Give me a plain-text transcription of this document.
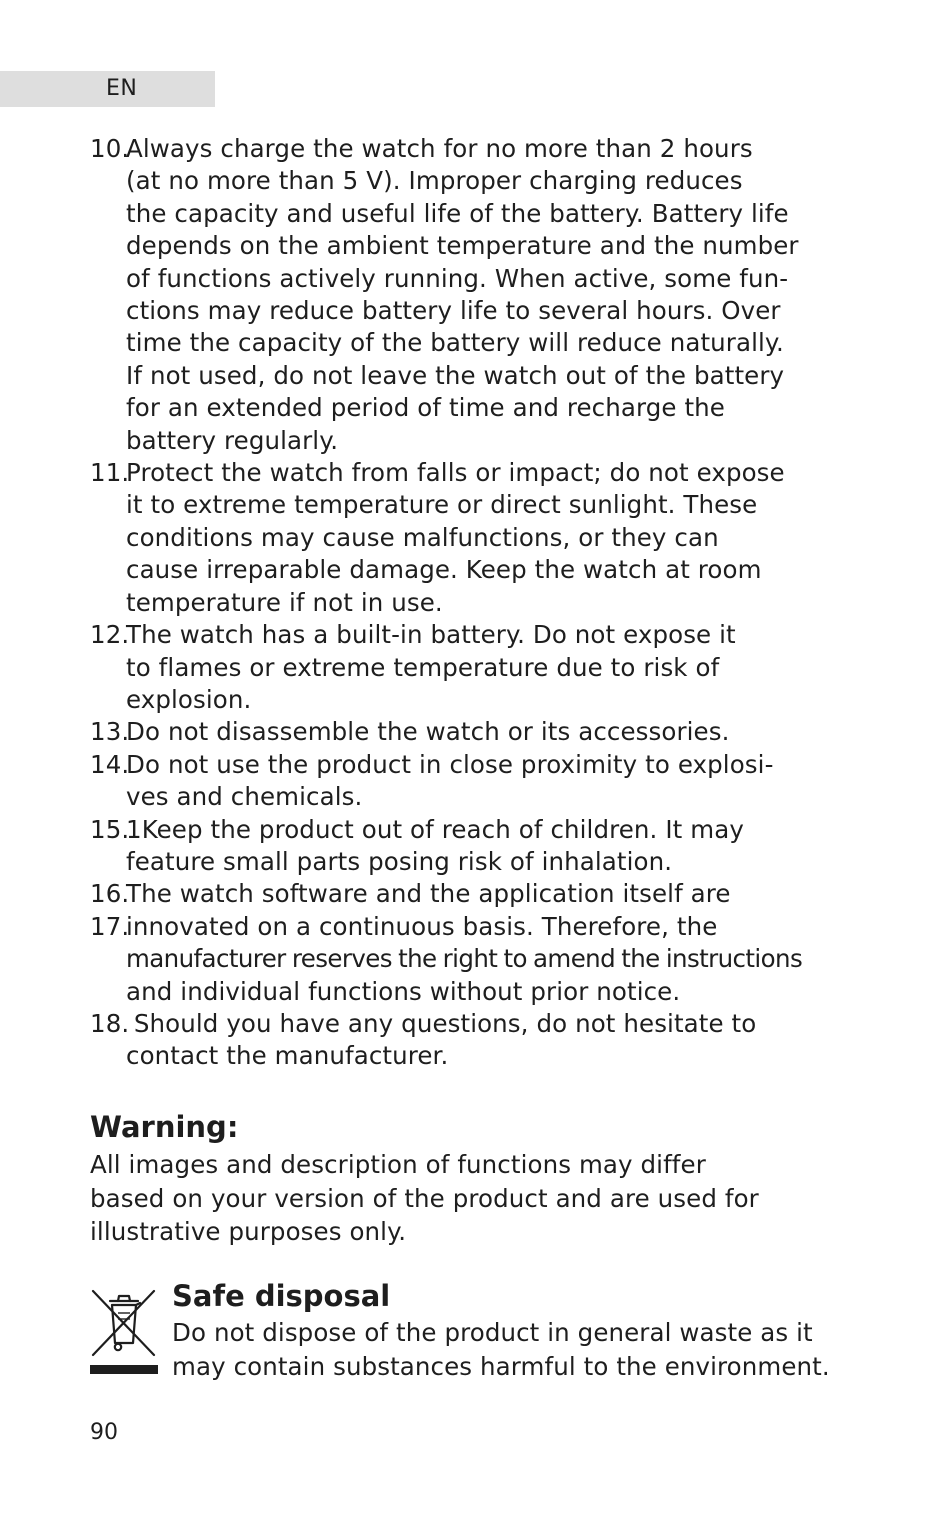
EN
10.
Always charge the watch for no more than 2 hours
(at no more than 5 V). Improper charging reduces
the capacity and useful life of the battery. Battery life
depends on the ambient temperature and the number
of functions actively running. When active, some fun-
ctions may reduce battery life to several hours. Over
time the capacity of the battery will reduce naturally.
If not used, do not leave the watch out of the battery
for an extended period of time and recharge the
battery regularly.
11.
Protect the watch from falls or impact; do not expose
it to extreme temperature or direct sunlight. These
conditions may cause malfunctions, or they can
cause irreparable damage. Keep the watch at room
temperature if not in use.
12.
The watch has a built-in battery. Do not expose it
to flames or extreme temperature due to risk of
explosion.
13.
Do not disassemble the watch or its accessories.
14.
Do not use the product in close proximity to explosi-
ves and chemicals.
15.
1Keep the product out of reach of children. It may
feature small parts posing risk of inhalation.
16.
The watch software and the application itself are
17.
innovated on a continuous basis. Therefore, the
manufacturer reserves the right to amend the instructions
and individual functions without prior notice.
18.
Should you have any questions, do not hesitate to
contact the manufacturer.
Warning:
All images and description of functions may differ
based on your version of the product and are used for
illustrative purposes only.
Safe disposal
Do not dispose of the product in general waste as it
may contain substances harmful to the environment.
90
